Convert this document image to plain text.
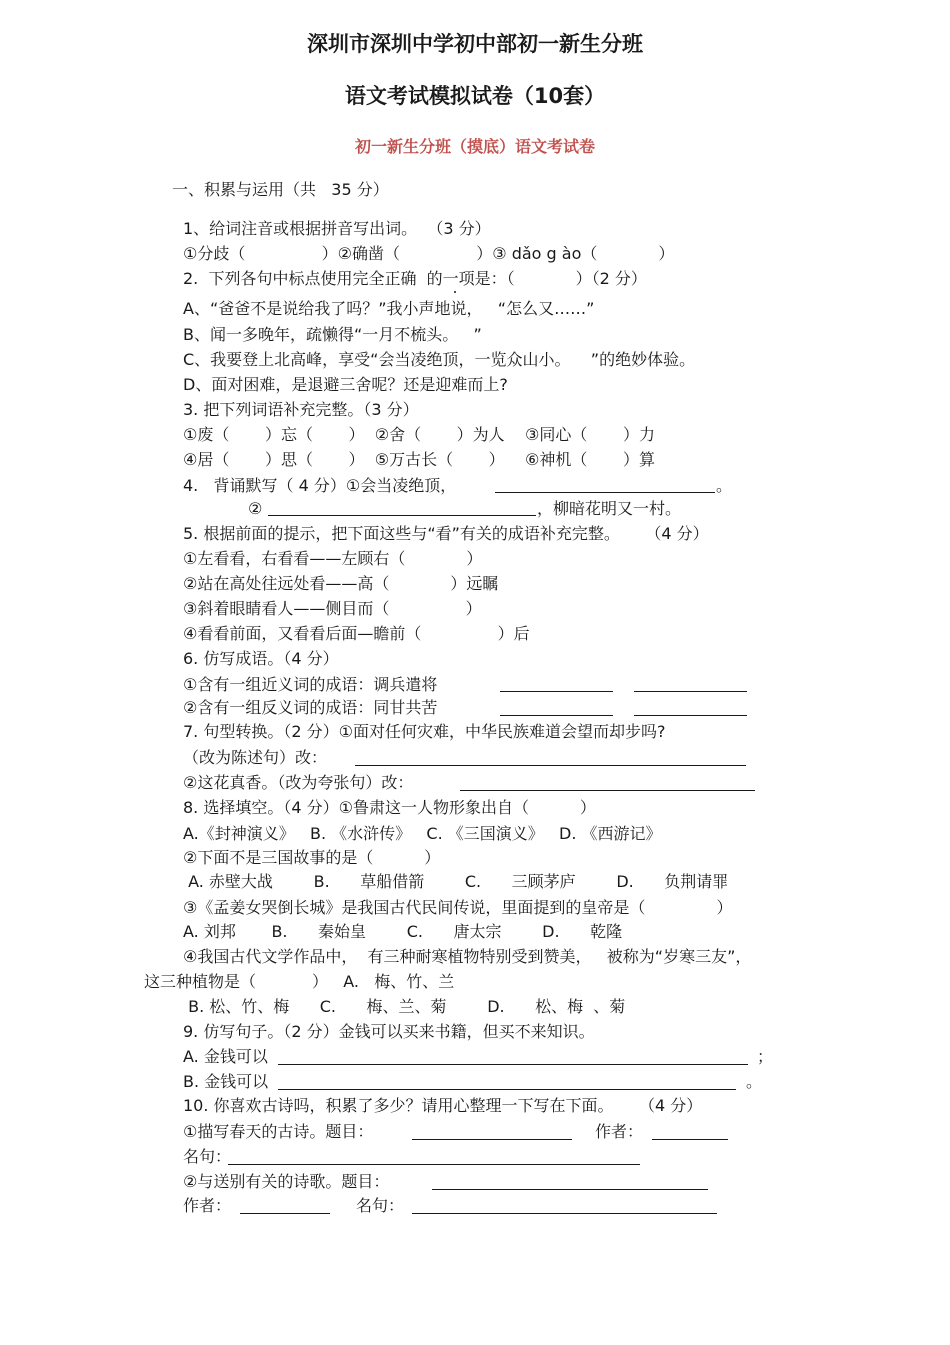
深圳市深圳中学初中部初一新生分班
语文考试模拟试卷（10套）
初一新生分班（摸底）语文考试卷
一、积累与运用（共   35 分）
1、给词注音或根据拼音写出词。  （3 分）
①分歧（               ）②确凿（               ）③ dǎo g ào（            ）
2.  下列各句中标点使用完全正确  的一项是：（            ）（2 分）
A、“爸爸不是说给我了吗？”我小声地说，   “怎么又……”
B、闻一多晚年，疏懒得“一月不梳头。   ”
C、我要登上北高峰，享受“会当凌绝顶，一览众山小。    ”的绝妙体验。
D、面对困难，是退避三舍呢？还是迎难而上?
3. 把下列词语补充完整。（3 分）
①废（       ）忘（       ）  ②舍（       ）为人    ③同心（       ）力
④居（       ）思（       ）  ⑤万古长（       ）    ⑥神机（       ）算
4.   背诵默写（ 4 分）①会当凌绝顶，	。
②	，柳暗花明又一村。
5. 根据前面的提示，把下面这些与“看”有关的成语补充完整。     （4 分）
①左看看，右看看——左顾右（            ）
②站在高处往远处看——高（            ）远瞩
③斜着眼睛看人——侧目而（               ）
④看看前面，又看看后面—瞻前（               ）后
6. 仿写成语。（4 分）
①含有一组近义词的成语：调兵遣将
②含有一组反义词的成语：同甘共苦
7. 句型转换。（2 分）①面对任何灾难，中华民族难道会望而却步吗?
（改为陈述句）改：
②这花真香。（改为夸张句）改：
8. 选择填空。（4 分）①鲁肃这一人物形象出自（          ）
A.《封神演义》   B. 《水浒传》   C. 《三国演义》   D. 《西游记》
②下面不是三国故事的是（          ）
A. 赤壁大战        B.      草船借箭        C.      三顾茅庐        D.      负荆请罪
③《孟姜女哭倒长城》是我国古代民间传说，里面提到的皇帝是（              ）
A. 刘邦       B.      秦始皇        C.      唐太宗        D.      乾隆
④我国古代文学作品中，  有三种耐寒植物特别受到赞美，   被称为“岁寒三友”，
这三种植物是（           ）   A.   梅、竹、兰
B. 松、竹、梅      C.      梅、兰、菊        D.      松、梅  、菊
9. 仿写句子。（2 分）金钱可以买来书籍，但买不来知识。
A. 金钱可以	；
B. 金钱可以	。
10. 你喜欢古诗吗，积累了多少？请用心整理一下写在下面。     （4 分）
①描写春天的古诗。题目：	作者：
名句：
②与送别有关的诗歌。题目：
作者：	名句：
